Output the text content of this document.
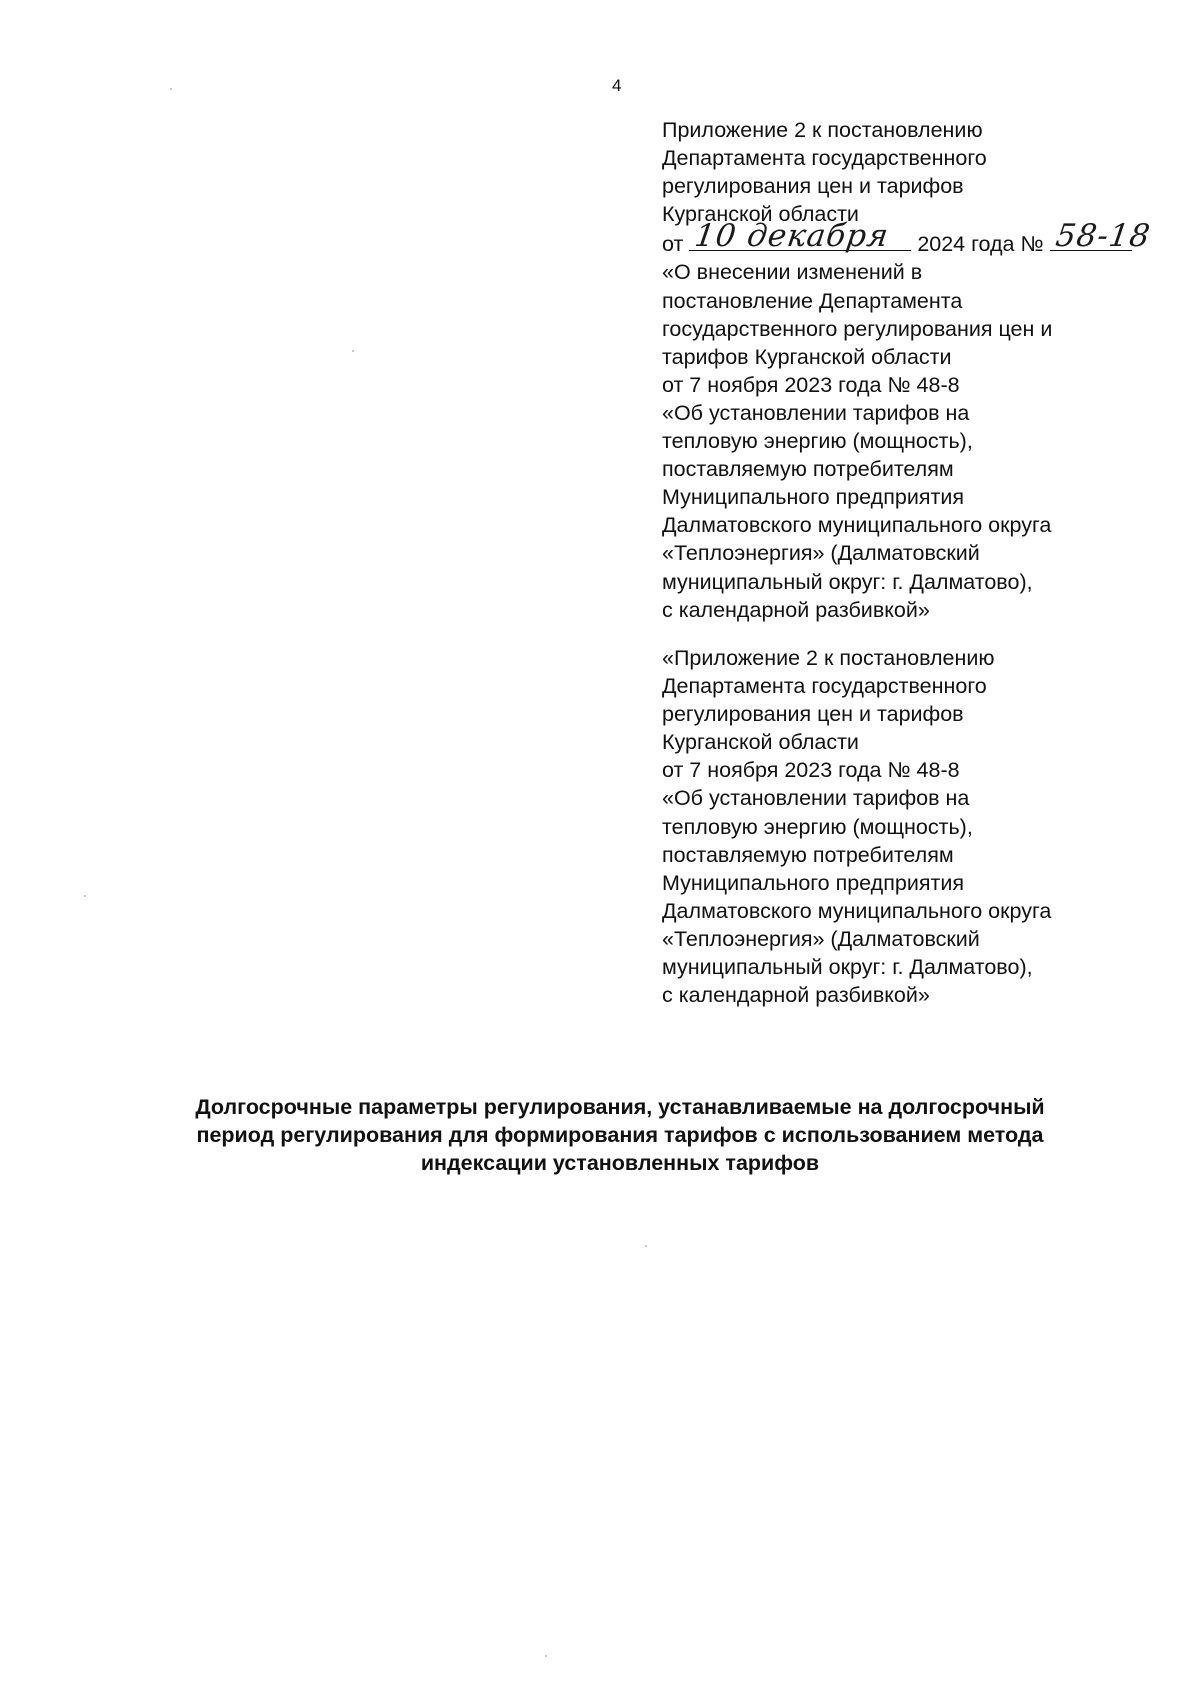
4
Приложение 2 к постановлению
Департамента государственного
регулирования цен и тарифов
Курганской области
от 10 декабря 2024 года № 58-18
«О внесении изменений в
постановление Департамента
государственного регулирования цен и
тарифов Курганской области
от 7 ноября 2023 года № 48-8
«Об установлении тарифов на
тепловую энергию (мощность),
поставляемую потребителям
Муниципального предприятия
Далматовского муниципального округа
«Теплоэнергия» (Далматовский
муниципальный округ: г. Далматово),
с календарной разбивкой»
«Приложение 2 к постановлению
Департамента государственного
регулирования цен и тарифов
Курганской области
от 7 ноября 2023 года № 48-8
«Об установлении тарифов на
тепловую энергию (мощность),
поставляемую потребителям
Муниципального предприятия
Далматовского муниципального округа
«Теплоэнергия» (Далматовский
муниципальный округ: г. Далматово),
с календарной разбивкой»
Долгосрочные параметры регулирования, устанавливаемые на долгосрочный
период регулирования для формирования тарифов с использованием метода
индексации установленных тарифов
